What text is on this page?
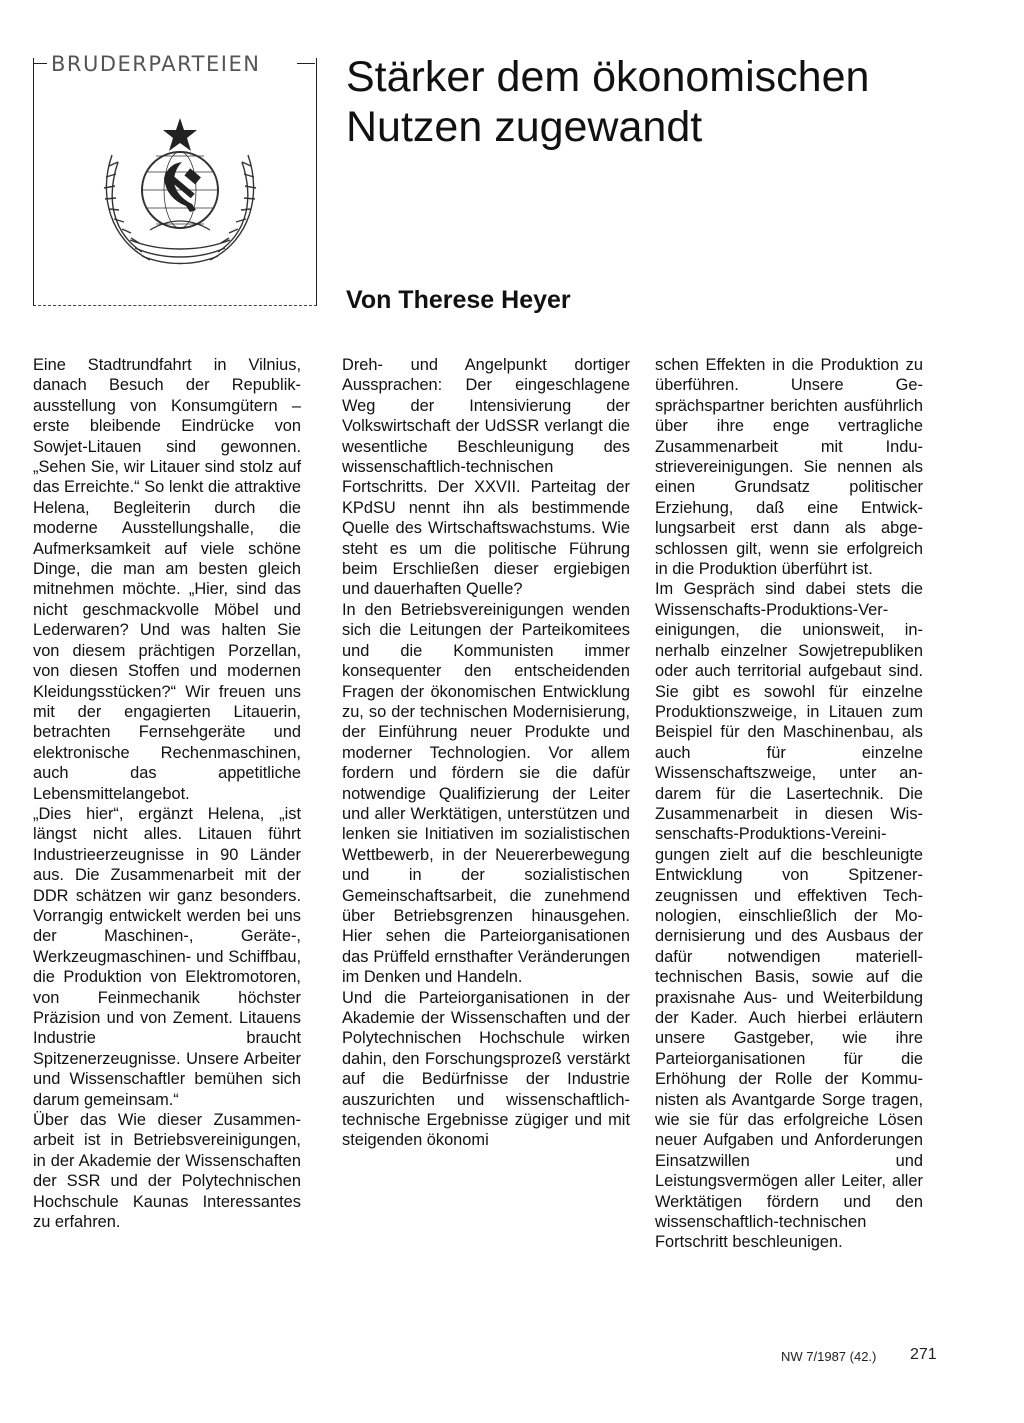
BRUDERPARTEIEN Stärker dem ökonomischen
Nutzen zugewandt

Von Therese Heyer

Eine Stadtrundfahrt in Vilnius, danach Besuch der Republikausstellung von Konsumgütern – erste bleibende Eindrücke von Sowjet-Litauen sind gewonnen. „Sehen Sie, wir Litauer sind stolz auf das Erreichte.“ So lenkt die attraktive Helena, Begleiterin durch die moderne Ausstellungshalle, die Aufmerksamkeit auf viele schöne Dinge, die man am besten gleich mitnehmen möchte. „Hier, sind das nicht geschmackvolle Möbel und Lederwaren? Und was halten Sie von diesem prächtigen Porzellan, von diesen Stoffen und modernen Kleidungsstücken?“ Wir freuen uns mit der engagierten Litauerin, betrachten Fernsehgeräte und elektronische Rechenmaschinen, auch das appetitliche Lebensmittelangebot.

„Dies hier“, ergänzt Helena, „ist längst nicht alles. Litauen führt Industrieerzeugnisse in 90 Länder aus. Die Zusammenarbeit mit der DDR schätzen wir ganz besonders. Vorrangig entwickelt werden bei uns der Maschinen-, Geräte-, Werkzeugmaschinen- und Schiffbau, die Produktion von Elektromotoren, von Feinmechanik höchster Präzision und von Zement. Litauens Industrie braucht Spitzenerzeugnisse. Unsere Arbeiter und Wissenschaftler bemühen sich darum gemeinsam.“

Über das Wie dieser Zusammenarbeit ist in Betriebsvereinigungen, in der Akademie der Wissenschaften der SSR und der Polytechnischen Hochschule Kaunas Interessantes zu erfahren.

Dreh- und Angelpunkt dortiger Aussprachen: Der eingeschlagene Weg der Intensivierung der Volkswirtschaft der UdSSR verlangt die wesentliche Beschleunigung des wissenschaftlich-technischen Fortschritts. Der XXVII. Parteitag der KPdSU nennt ihn als bestimmende Quelle des Wirtschaftswachstums. Wie steht es um die politische Führung beim Erschließen dieser ergiebigen und dauerhaften Quelle?

In den Betriebsvereinigungen wenden sich die Leitungen der Parteikomitees und die Kommunisten immer konsequenter den entscheidenden Fragen der ökonomischen Entwicklung zu, so der technischen Modernisierung, der Einführung neuer Produkte und moderner Technologien. Vor allem fordern und fördern sie die dafür notwendige Qualifizierung der Leiter und aller Werktätigen, unterstützen und lenken sie Initiativen im sozialistischen Wettbewerb, in der Neuererbewegung und in der sozialistischen Gemeinschaftsarbeit, die zunehmend über Betriebsgrenzen hinausgehen. Hier sehen die Parteiorganisationen das Prüffeld ernsthafter Veränderungen im Denken und Handeln.

Und die Parteiorganisationen in der Akademie der Wissenschaften und der Polytechnischen Hochschule wirken dahin, den Forschungsprozeß verstärkt auf die Bedürfnisse der Industrie auszurichten und wissenschaftlich-technische Ergebnisse zügiger und mit steigenden ökonomi

schen Effekten in die Produktion zu überführen. Unsere Gesprächspartner berichten ausführlich über ihre enge vertragliche Zusammenarbeit mit Industrievereinigungen. Sie nennen als einen Grundsatz politischer Erziehung, daß eine Entwicklungsarbeit erst dann als abgeschlossen gilt, wenn sie erfolgreich in die Produktion überführt ist.

Im Gespräch sind dabei stets die Wissenschafts-Produktions-Vereinigungen, die unionsweit, innerhalb einzelner Sowjetrepubliken oder auch territorial aufgebaut sind. Sie gibt es sowohl für einzelne Produktionszweige, in Litauen zum Beispiel für den Maschinenbau, als auch für einzelne Wissenschaftszweige, unter andarem für die Lasertechnik. Die Zusammenarbeit in diesen Wissenschafts-Produktions-Vereinigungen zielt auf die beschleunigte Entwicklung von Spitzenerzeugnissen und effektiven Technologien, einschließlich der Modernisierung und des Ausbaus der dafür notwendigen materiell-technischen Basis, sowie auf die praxisnahe Aus- und Weiterbildung der Kader. Auch hierbei erläutern unsere Gastgeber, wie ihre Parteiorganisationen für die Erhöhung der Rolle der Kommunisten als Avantgarde Sorge tragen, wie sie für das erfolgreiche Lösen neuer Aufgaben und Anforderungen Einsatzwillen und Leistungsvermögen aller Leiter, aller Werktätigen fördern und den wissenschaftlich-technischen Fortschritt beschleunigen.

NW 7/1987 (42.) 271
